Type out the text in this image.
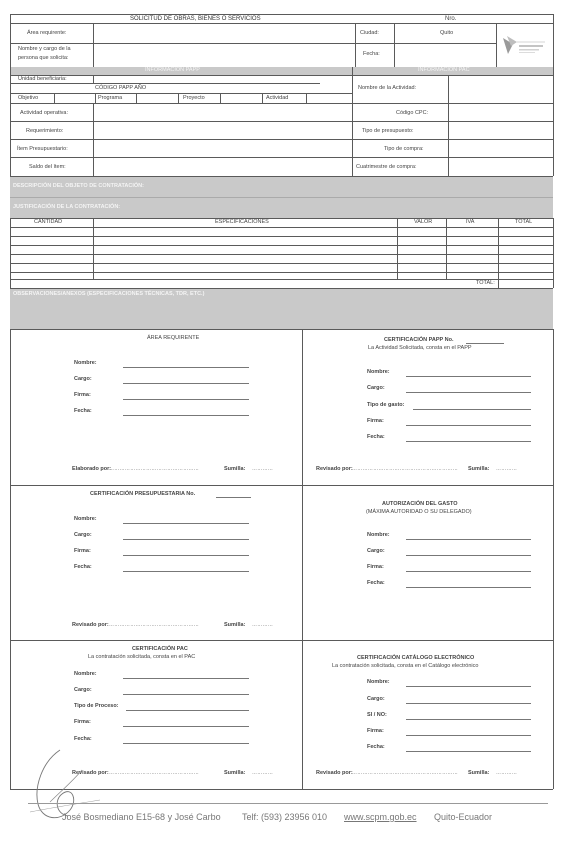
SOLICITUD DE OBRAS, BIENES O SERVICIOS	Nro.
Área requirente:	Ciudad:	Quito
Nombre y cargo de la
persona que solicita:
Fecha:
INFORMACIÓN PAPP	INFORMACIÓN PAC
Unidad beneficiaria:
CÓDIGO PAPP AÑO
Objetivo	Programa	Proyecto	Actividad
Actividad operativa:
Requerimiento:
Ítem Presupuestario:
Saldo del ítem:
Nombre de la Actividad:
Código CPC:
Tipo de presupuesto:
Tipo de compra:
Cuatrimestre de compra:
DESCRIPCIÓN DEL OBJETO DE CONTRATACIÓN:
JUSTIFICACIÓN DE LA CONTRATACIÓN:
CANTIDAD	ESPECIFICACIONES	VALOR	IVA	TOTAL
TOTAL:
OBSERVACIONES/ANEXOS (ESPECIFICACIONES TÉCNICAS, TDR, ETC.)
ÁREA REQUIRENTE
Nombre:
Cargo:
Firma:
Fecha:
Elaborado por:
……………………………………………	Sumilla: …………
CERTIFICACIÓN PAPP No.
La Actividad Solicitada, consta en el PAPP
Nombre:
Cargo:
Tipo de gasto:
Firma:
Fecha:
Revisado por: …………………………………………………… Sumilla: …………
CERTIFICACIÓN PRESUPUESTARIA No.
Nombre:
Cargo:
Firma:
Fecha:
Revisado por: ……………………………………………	Sumilla: …………
AUTORIZACIÓN DEL GASTO
(MÁXIMA AUTORIDAD O SU DELEGADO)
Nombre:
Cargo:
Firma:
Fecha:
CERTIFICACIÓN PAC
La contratación solicitada, consta en el PAC
Nombre:
Cargo:
Tipo de Proceso:
Firma:
Fecha:
Revisado por: ……………………………………………	Sumilla: …………
CERTIFICACIÓN CATÁLOGO ELECTRÓNICO
La contratación solicitada, consta en el Catálogo electrónico
Nombre:
Cargo:
SI / NO:
Firma:
Fecha:
Revisado por: …………………………………………………… Sumilla: …………
José Bosmediano E15-68 y José Carbo Telf: (593) 23956 010 www.scpm.gob.ec Quito-Ecuador
